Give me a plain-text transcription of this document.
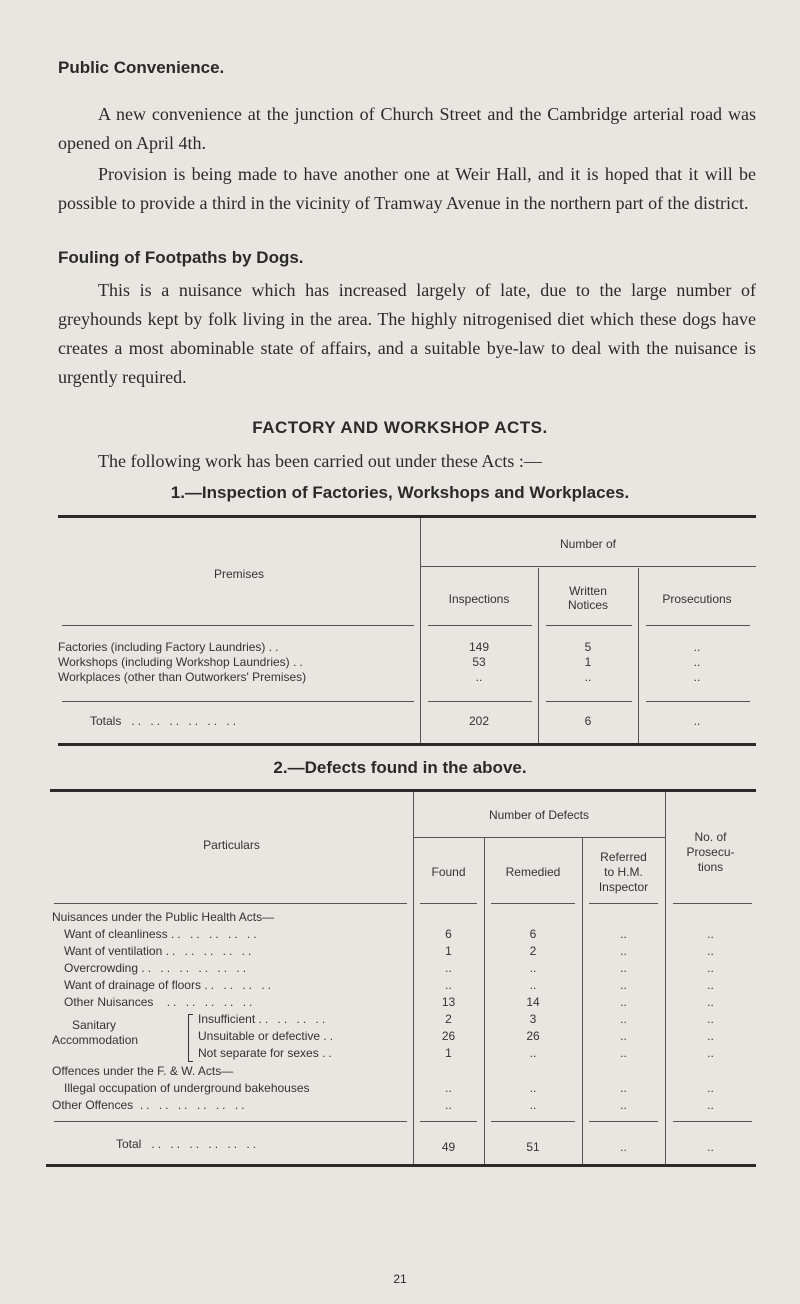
Public Convenience.

A new convenience at the junction of Church Street and the Cambridge arterial road was opened on April 4th.

Provision is being made to have another one at Weir Hall, and it is hoped that it will be possible to provide a third in the vicinity of Tramway Avenue in the northern part of the district.

Fouling of Footpaths by Dogs.

This is a nuisance which has increased largely of late, due to the large number of greyhounds kept by folk living in the area. The highly nitrogenised diet which these dogs have creates a most abominable state of affairs, and a suitable bye-law to deal with the nuisance is urgently required.

FACTORY AND WORKSHOP ACTS.
The following work has been carried out under these Acts :—
1.—Inspection of Factories, Workshops and Workplaces.
Premises
Number of
Inspections
Written
Notices	Prosecutions
Factories (including Factory Laundries) ..	149	5	..
Workshops (including Workshop Laundries) ..	53	1	..
Workplaces (other than Outworkers' Premises)	..	..	..
Totals .. .. .. .. .. ..	202	6	..
2.—Defects found in the above.
Particulars
Number of Defects
Found	Remedied
Referred
to H.M.
Inspector
No. of
Prosecu-
tions
Nuisances under the Public Health Acts—
Want of cleanliness .. .. .. .. ..	6	6	..	..
Want of ventilation .. .. .. .. ..	1	2	..	..
Overcrowding .. .. .. .. .. ..	..	..	..	..
Want of drainage of floors .. .. .. ..	..	..	..	..
Other Nuisances .. .. .. .. ..	13	14	..	..
Sanitary
Accommodation
Insufficient .. .. .. ..	2	3	..	..
Unsuitable or defective ..	26	26	..	..
Not separate for sexes ..	1	..	..	..
Offences under the F. & W. Acts—
Illegal occupation of underground bakehouses	..	..	..	..
Other Offences .. .. .. .. .. ..	..	..	..	..
Total .. .. .. .. .. ..	49	51	..	..
21
